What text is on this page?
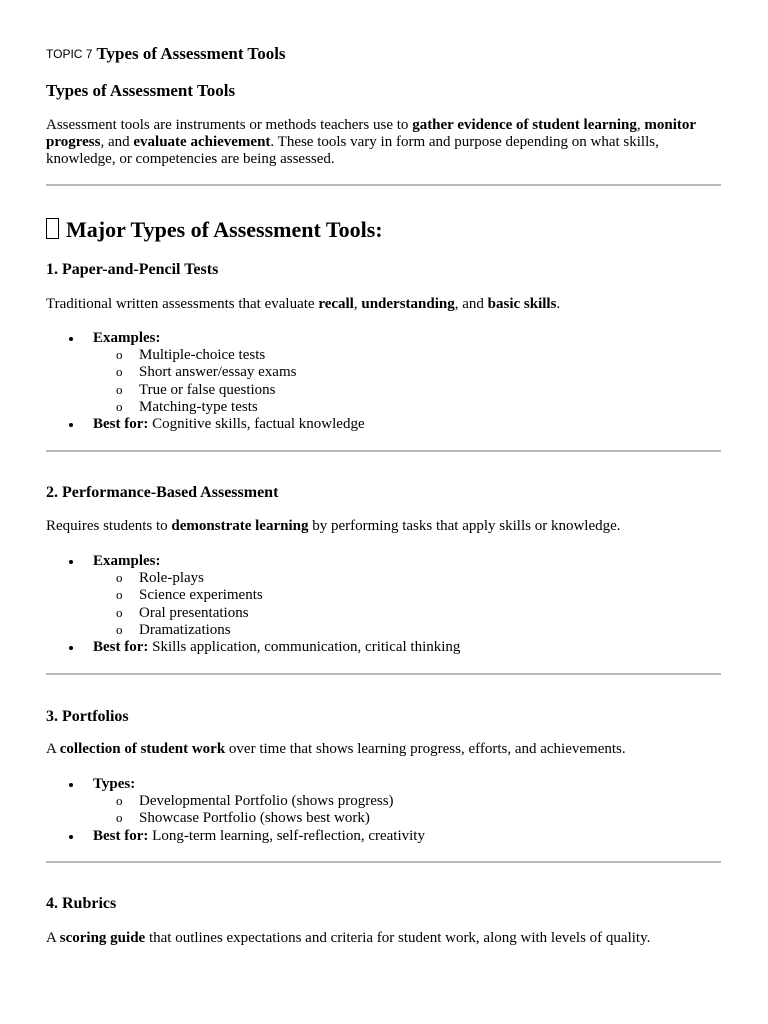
TOPIC 7 Types of Assessment Tools
Types of Assessment Tools

Assessment tools are instruments or methods teachers use to gather evidence of student learning, monitor progress, and evaluate achievement. These tools vary in form and purpose depending on what skills, knowledge, or competencies are being assessed.

Major Types of Assessment Tools:
1. Paper-and-Pencil Tests

Traditional written assessments that evaluate recall, understanding, and basic skills.

Examples:
o Multiple-choice tests
o Short answer/essay exams
o True or false questions
o Matching-type tests
Best for: Cognitive skills, factual knowledge
2. Performance-Based Assessment

Requires students to demonstrate learning by performing tasks that apply skills or knowledge.

Examples:
o Role-plays
o Science experiments
o Oral presentations
o Dramatizations
Best for: Skills application, communication, critical thinking
3. Portfolios

A collection of student work over time that shows learning progress, efforts, and achievements.

Types:
o Developmental Portfolio (shows progress)
o Showcase Portfolio (shows best work)
Best for: Long-term learning, self-reflection, creativity
4. Rubrics

A scoring guide that outlines expectations and criteria for student work, along with levels of quality.
